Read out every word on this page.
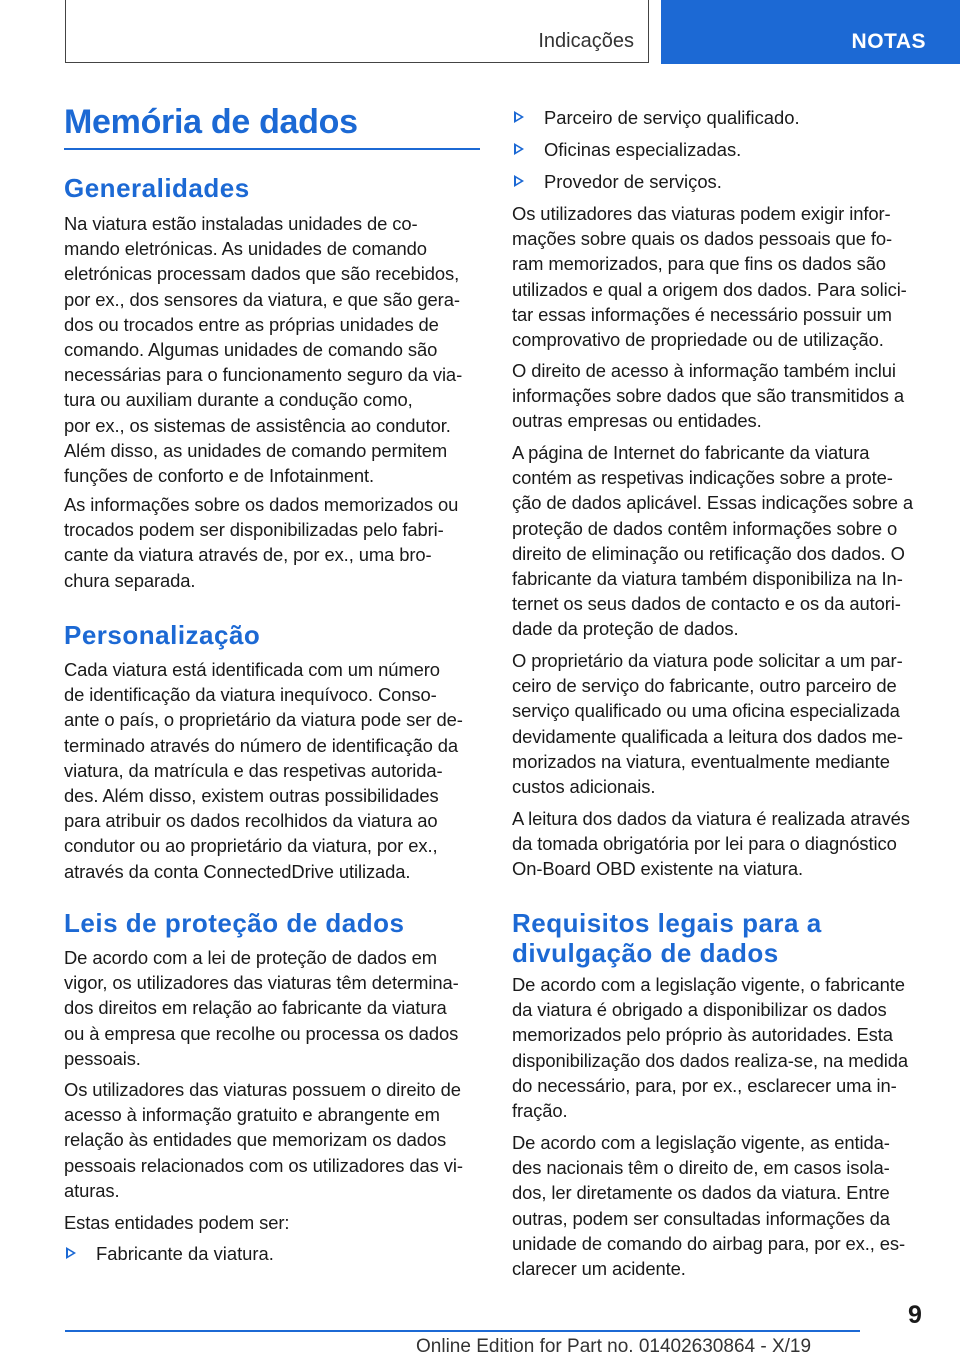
Indicações	NOTAS
Memória de dados
Generalidades
Na viatura estão instaladas unidades de co‐
mando eletrónicas. As unidades de comando
eletrónicas processam dados que são recebidos,
por ex., dos sensores da viatura, e que são gera‐
dos ou trocados entre as próprias unidades de
comando. Algumas unidades de comando são
necessárias para o funcionamento seguro da via‐
tura ou auxiliam durante a condução como,
por ex., os sistemas de assistência ao condutor.
Além disso, as unidades de comando permitem
funções de conforto e de Infotainment.
As informações sobre os dados memorizados ou
trocados podem ser disponibilizadas pelo fabri‐
cante da viatura através de, por ex., uma bro‐
chura separada.
Personalização
Cada viatura está identificada com um número
de identificação da viatura inequívoco. Conso‐
ante o país, o proprietário da viatura pode ser de‐
terminado através do número de identificação da
viatura, da matrícula e das respetivas autorida‐
des. Além disso, existem outras possibilidades
para atribuir os dados recolhidos da viatura ao
condutor ou ao proprietário da viatura, por ex.,
através da conta ConnectedDrive utilizada.
Leis de proteção de dados
De acordo com a lei de proteção de dados em
vigor, os utilizadores das viaturas têm determina‐
dos direitos em relação ao fabricante da viatura
ou à empresa que recolhe ou processa os dados
pessoais.
Os utilizadores das viaturas possuem o direito de
acesso à informação gratuito e abrangente em
relação às entidades que memorizam os dados
pessoais relacionados com os utilizadores das vi‐
aturas.
Estas entidades podem ser:
Fabricante da viatura.
Parceiro de serviço qualificado.
Oficinas especializadas.
Provedor de serviços.
Os utilizadores das viaturas podem exigir infor‐
mações sobre quais os dados pessoais que fo‐
ram memorizados, para que fins os dados são
utilizados e qual a origem dos dados. Para solici‐
tar essas informações é necessário possuir um
comprovativo de propriedade ou de utilização.
O direito de acesso à informação também inclui
informações sobre dados que são transmitidos a
outras empresas ou entidades.
A página de Internet do fabricante da viatura
contém as respetivas indicações sobre a prote‐
ção de dados aplicável. Essas indicações sobre a
proteção de dados contêm informações sobre o
direito de eliminação ou retificação dos dados. O
fabricante da viatura também disponibiliza na In‐
ternet os seus dados de contacto e os da autori‐
dade da proteção de dados.
O proprietário da viatura pode solicitar a um par‐
ceiro de serviço do fabricante, outro parceiro de
serviço qualificado ou uma oficina especializada
devidamente qualificada a leitura dos dados me‐
morizados na viatura, eventualmente mediante
custos adicionais.
A leitura dos dados da viatura é realizada através
da tomada obrigatória por lei para o diagnóstico
On-Board OBD existente na viatura.
Requisitos legais para a
divulgação de dados
De acordo com a legislação vigente, o fabricante
da viatura é obrigado a disponibilizar os dados
memorizados pelo próprio às autoridades. Esta
disponibilização dos dados realiza-se, na medida
do necessário, para, por ex., esclarecer uma in‐
fração.
De acordo com a legislação vigente, as entida‐
des nacionais têm o direito de, em casos isola‐
dos, ler diretamente os dados da viatura. Entre
outras, podem ser consultadas informações da
unidade de comando do airbag para, por ex., es‐
clarecer um acidente.
9
Online Edition for Part no. 01402630864 - X/19
